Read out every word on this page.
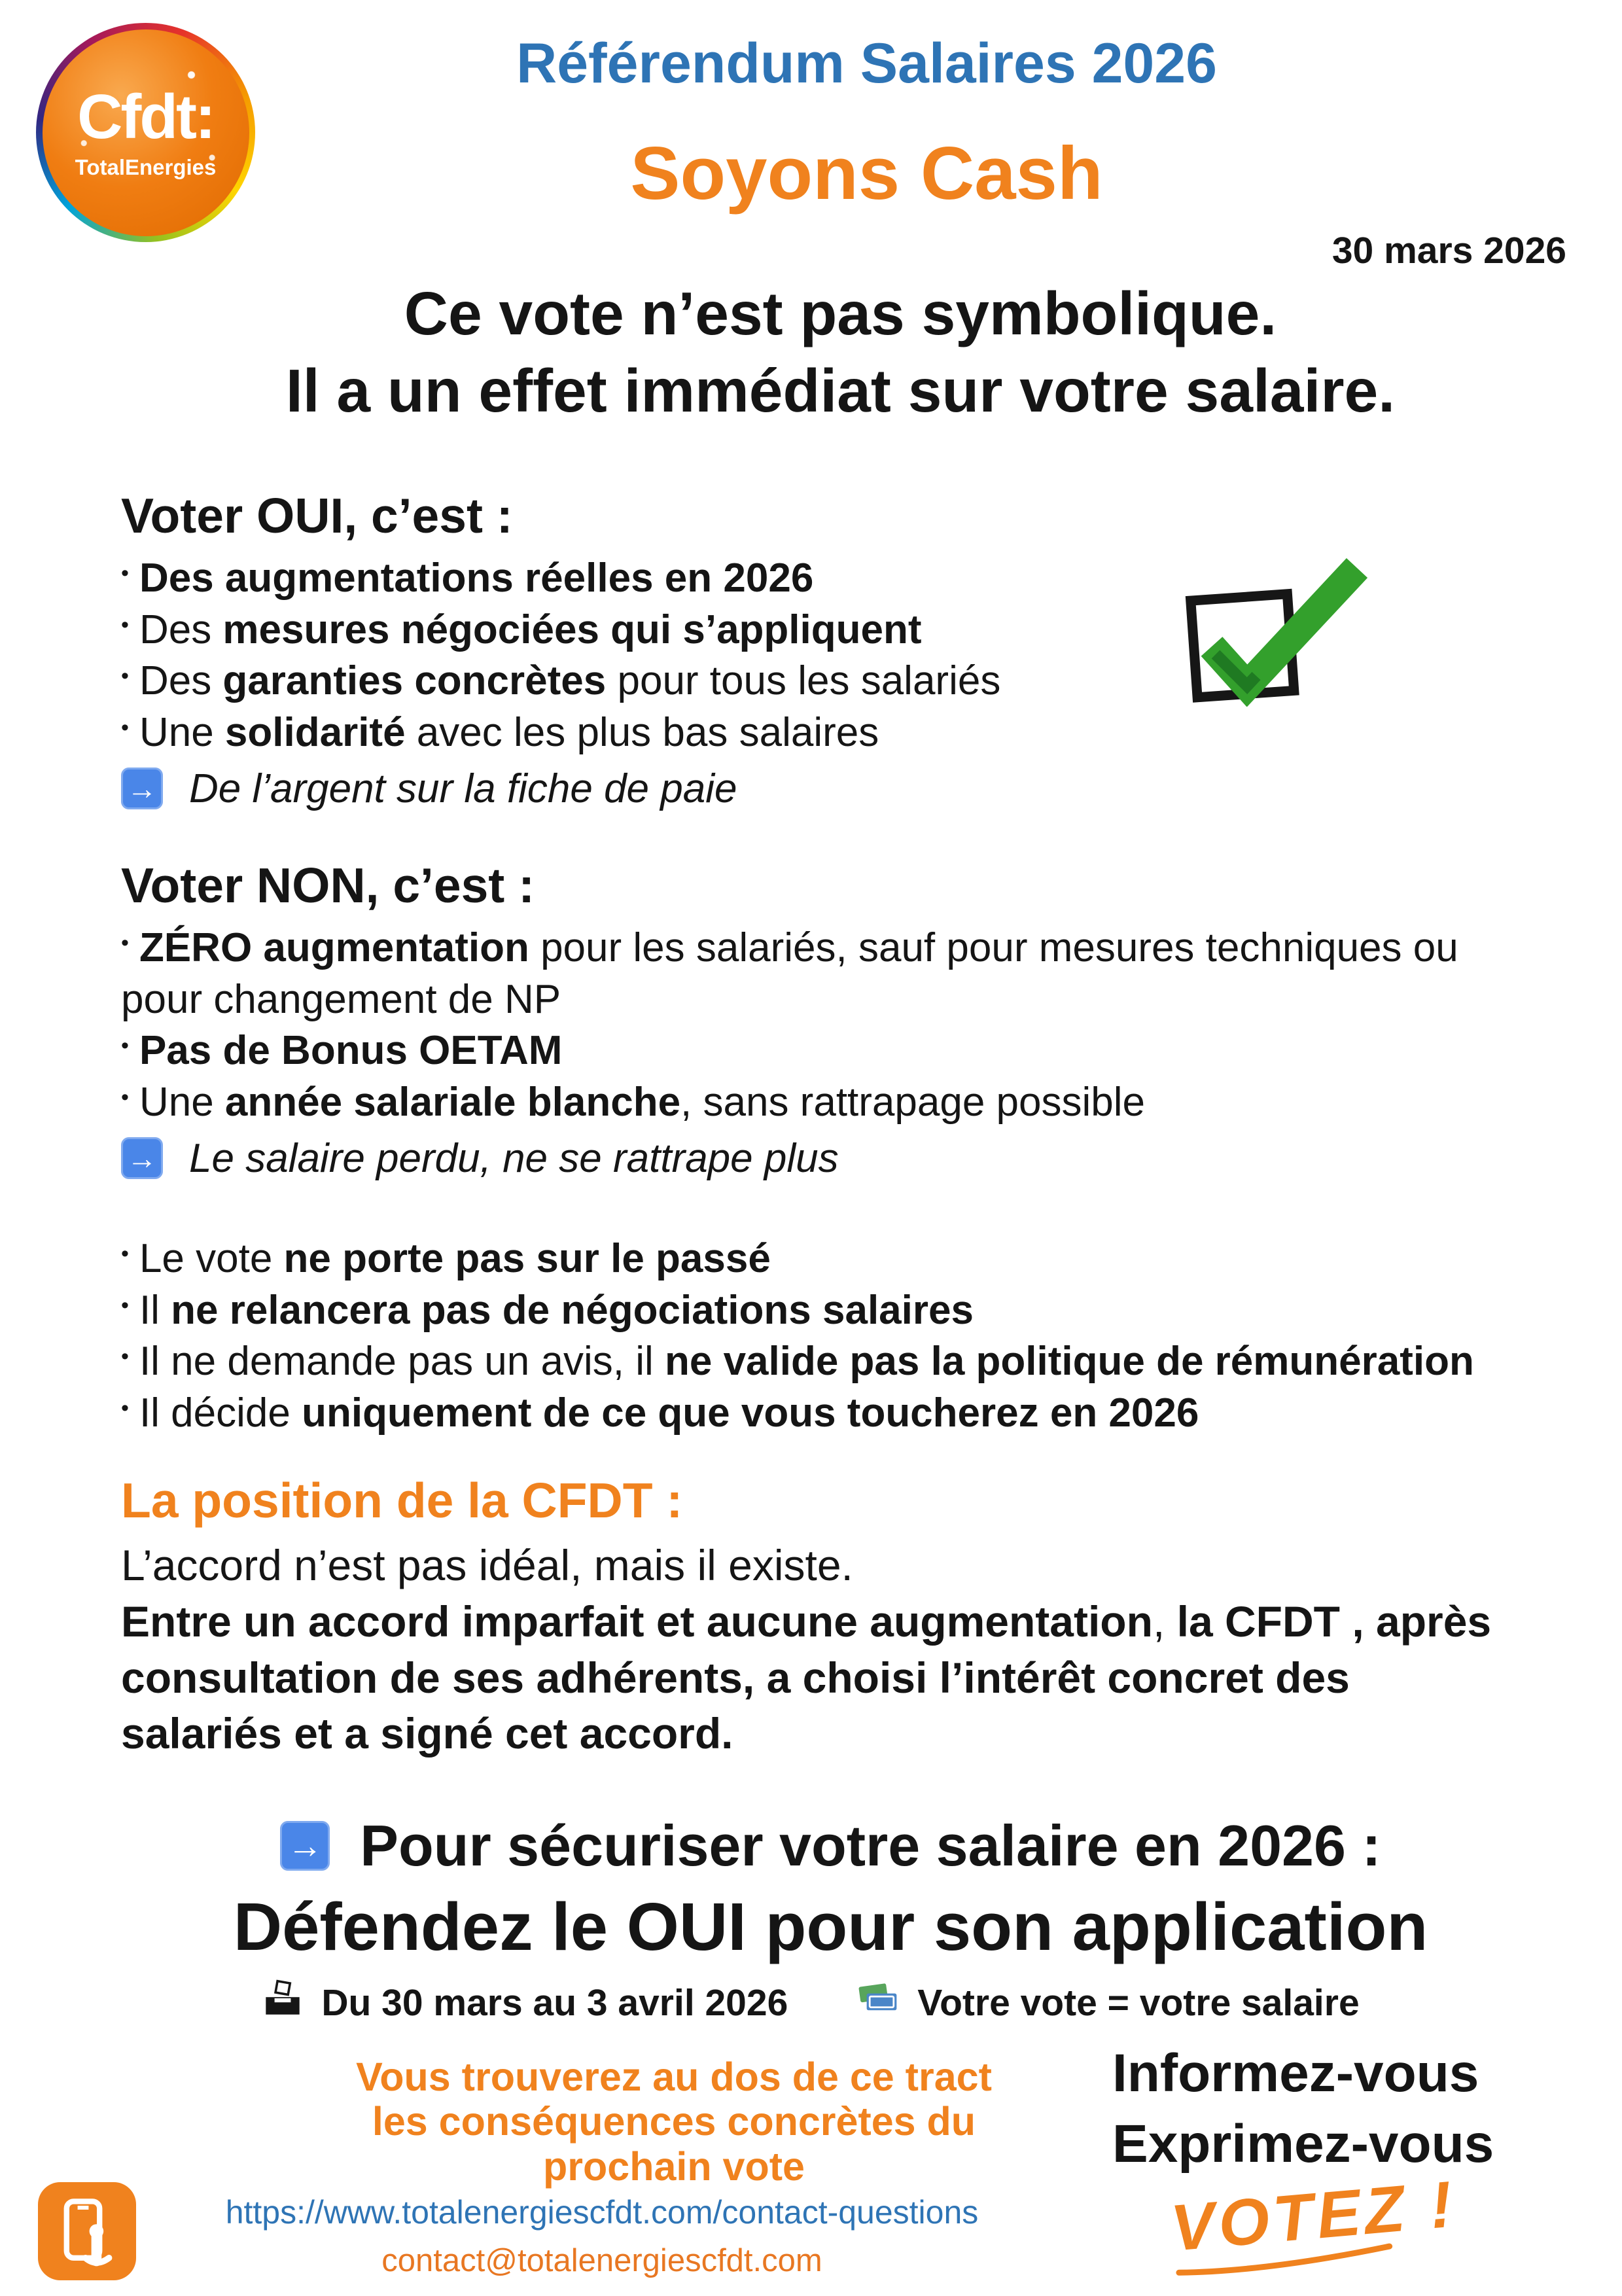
Cfdt:
TotalEnergies
Référendum Salaires 2026
Soyons Cash
30 mars 2026
Ce vote n’est pas symbolique.
Il a un effet immédiat sur votre salaire.
Voter OUI, c’est :
• Des augmentations réelles en 2026
• Des mesures négociées qui s’appliquent
• Des garanties concrètes pour tous les salariés
• Une solidarité avec les plus bas salaires
→ De l’argent sur la fiche de paie
Voter NON, c’est :
• ZÉRO augmentation pour les salariés, sauf pour mesures techniques ou pour changement de NP
• Pas de Bonus OETAM
• Une année salariale blanche, sans rattrapage possible
→ Le salaire perdu, ne se rattrape plus
• Le vote ne porte pas sur le passé
• Il ne relancera pas de négociations salaires
• Il ne demande pas un avis, il ne valide pas la politique de rémunération
• Il décide uniquement de ce que vous toucherez en 2026
La position de la CFDT :
L’accord n’est pas idéal, mais il existe.
Entre un accord imparfait et aucune augmentation, la CFDT , après consultation de ses adhérents, a choisi l’intérêt concret des salariés et a signé cet accord.
→ Pour sécuriser votre salaire en 2026 :
Défendez le OUI pour son application
Du 30 mars au 3 avril 2026	Votre vote = votre salaire
Vous trouverez au dos de ce tract
les conséquences concrètes du
prochain vote
Informez-vous
Exprimez-vous
VOTEZ !
https://www.totalenergiescfdt.com/contact-questions
contact@totalenergiescfdt.com
